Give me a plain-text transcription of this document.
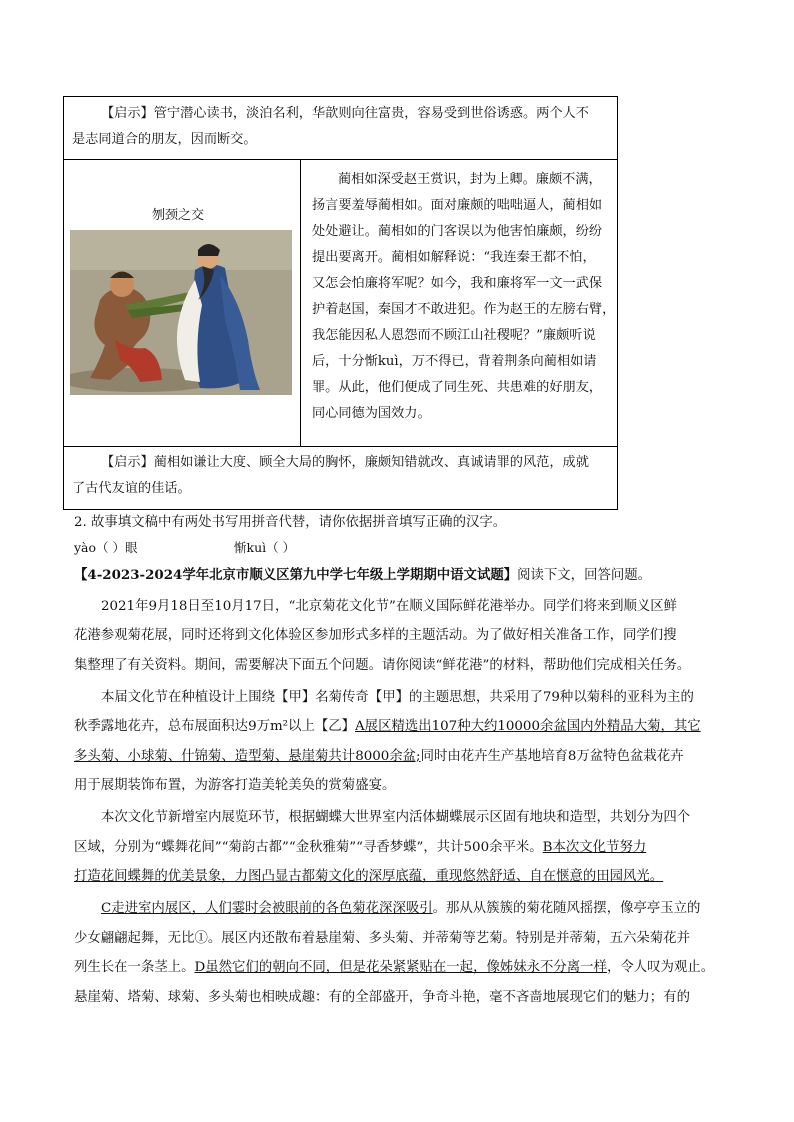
【启示】管宁潜心读书，淡泊名利，华歆则向往富贵，容易受到世俗诱惑。两个人不
是志同道合的朋友，因而断交。
刎颈之交
蔺相如深受赵王赏识，封为上卿。廉颇不满，
扬言要羞辱蔺相如。面对廉颇的咄咄逼人，蔺相如
处处避让。蔺相如的门客误以为他害怕廉颇，纷纷
提出要离开。蔺相如解释说：“我连秦王都不怕，
又怎会怕廉将军呢？如今，我和廉将军一文一武保
护着赵国，秦国才不敢进犯。作为赵王的左膀右臂，
我怎能因私人恩怨而不顾江山社稷呢？”廉颇听说
后，十分惭kuì，万不得已，背着荆条向蔺相如请
罪。从此，他们便成了同生死、共患难的好朋友，
同心同德为国效力。
【启示】蔺相如谦让大度、顾全大局的胸怀，廉颇知错就改、真诚请罪的风范，成就
了古代友谊的佳话。
2. 故事填文稿中有两处书写用拼音代替，请你依据拼音填写正确的汉字。
yào（ ）眼	惭kuì（ ）
【4-2023-2024学年北京市顺义区第九中学七年级上学期期中语文试题】阅读下文，回答问题。
2021年9月18日至10月17日，“北京菊花文化节”在顺义国际鲜花港举办。同学们将来到顺义区鲜
花港参观菊花展，同时还将到文化体验区参加形式多样的主题活动。为了做好相关准备工作，同学们搜
集整理了有关资料。期间，需要解决下面五个问题。请你阅读“鲜花港”的材料，帮助他们完成相关任务。
本届文化节在种植设计上围绕【甲】名菊传奇【甲】的主题思想，共采用了79种以菊科的亚科为主的
秋季露地花卉，总布展面积达9万m²以上【乙】A展区精选出107种大约10000余盆国内外精品大菊，其它
多头菊、小球菊、什锦菊、造型菊、悬崖菊共计8000余盆;同时由花卉生产基地培育8万盆特色盆栽花卉
用于展期装饰布置，为游客打造美轮美奂的赏菊盛宴。
本次文化节新增室内展览环节，根据蝴蝶大世界室内活体蝴蝶展示区固有地块和造型，共划分为四个
区域，分别为“蝶舞花间”“菊韵古都”“金秋雅菊”“寻香梦蝶”，共计500余平米。B本次文化节努力
打造花间蝶舞的优美景象，力图凸显古都菊文化的深厚底蕴，重现悠然舒适、自在惬意的田园风光。
C走进室内展区，人们霎时会被眼前的各色菊花深深吸引。那从从簇簇的菊花随风摇摆，像亭亭玉立的
少女翩翩起舞，无比①。展区内还散布着悬崖菊、多头菊、并蒂菊等艺菊。特别是并蒂菊，五六朵菊花并
列生长在一条茎上。D虽然它们的朝向不同，但是花朵紧紧贴在一起，像姊妹永不分离一样，令人叹为观止。
悬崖菊、塔菊、球菊、多头菊也相映成趣：有的全部盛开，争奇斗艳，毫不吝啬地展现它们的魅力；有的
